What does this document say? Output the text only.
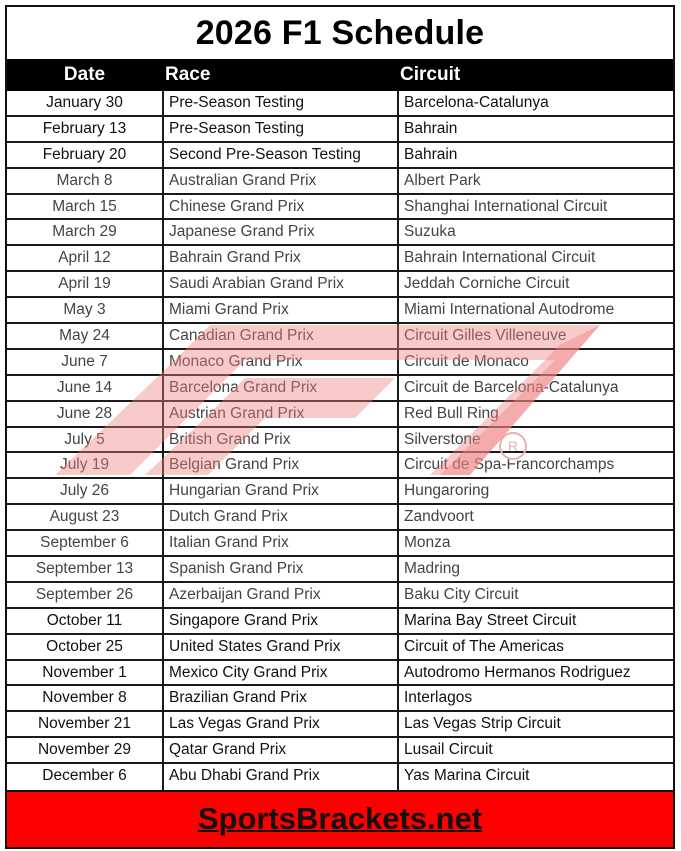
2026 F1 Schedule
Date	Race	Circuit
January 30	Pre-Season Testing	Barcelona-Catalunya
February 13	Pre-Season Testing	Bahrain
February 20	Second Pre-Season Testing	Bahrain
March 8	Australian Grand Prix	Albert Park
March 15	Chinese Grand Prix	Shanghai International Circuit
March 29	Japanese Grand Prix	Suzuka
April 12	Bahrain Grand Prix	Bahrain International Circuit
April 19	Saudi Arabian Grand Prix	Jeddah Corniche Circuit
May 3	Miami Grand Prix	Miami International Autodrome
May 24	Canadian Grand Prix	Circuit Gilles Villeneuve
June 7	Monaco Grand Prix	Circuit de Monaco
June 14	Barcelona Grand Prix	Circuit de Barcelona-Catalunya
June 28	Austrian Grand Prix	Red Bull Ring
July 5	British Grand Prix	Silverstone
July 19	Belgian Grand Prix	Circuit de Spa-Francorchamps
July 26	Hungarian Grand Prix	Hungaroring
August 23	Dutch Grand Prix	Zandvoort
September 6	Italian Grand Prix	Monza
September 13	Spanish Grand Prix	Madring
September 26	Azerbaijan Grand Prix	Baku City Circuit
October 11	Singapore Grand Prix	Marina Bay Street Circuit
October 25	United States Grand Prix	Circuit of The Americas
November 1	Mexico City Grand Prix	Autodromo Hermanos Rodriguez
November 8	Brazilian Grand Prix	Interlagos
November 21	Las Vegas Grand Prix	Las Vegas Strip Circuit
November 29	Qatar Grand Prix	Lusail Circuit
December 6	Abu Dhabi Grand Prix	Yas Marina Circuit
SportsBrackets.net
R
